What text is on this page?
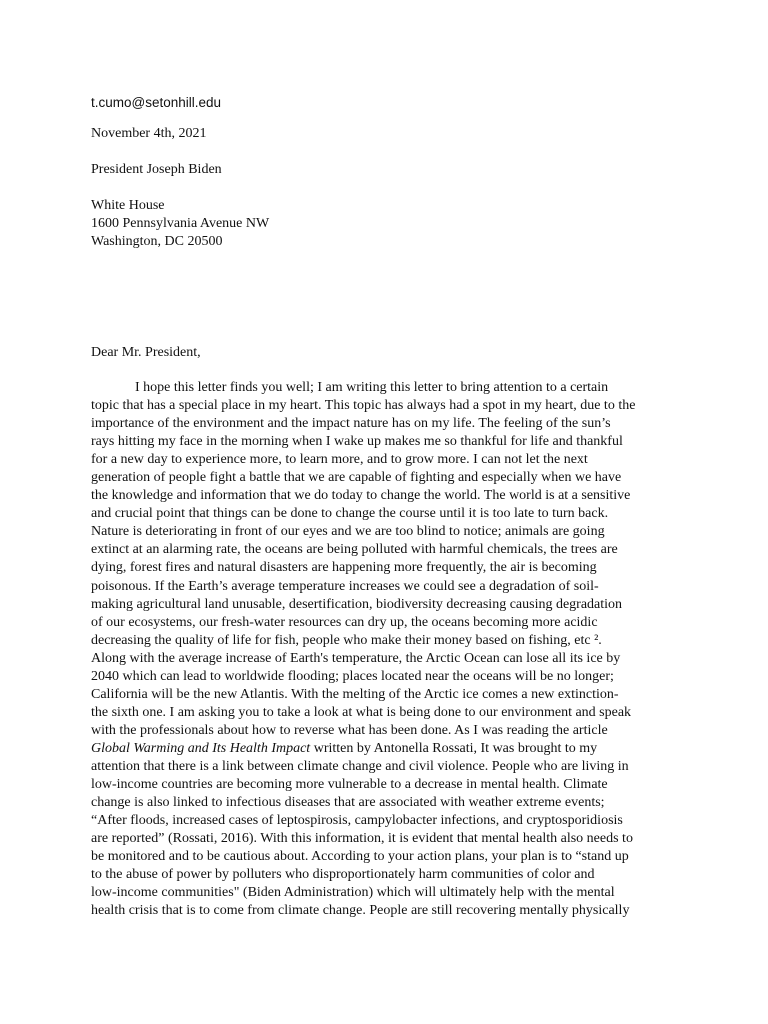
t.cumo@setonhill.edu
November 4th, 2021
President Joseph Biden
White House
1600 Pennsylvania Avenue NW
Washington, DC 20500
Dear Mr. President,
I hope this letter finds you well; I am writing this letter to bring attention to a certain
topic that has a special place in my heart. This topic has always had a spot in my heart, due to the
importance of the environment and the impact nature has on my life. The feeling of the sun’s
rays hitting my face in the morning when I wake up makes me so thankful for life and thankful
for a new day to experience more, to learn more, and to grow more. I can not let the next
generation of people fight a battle that we are capable of fighting and especially when we have
the knowledge and information that we do today to change the world. The world is at a sensitive
and crucial point that things can be done to change the course until it is too late to turn back.
Nature is deteriorating in front of our eyes and we are too blind to notice; animals are going
extinct at an alarming rate, the oceans are being polluted with harmful chemicals, the trees are
dying, forest fires and natural disasters are happening more frequently, the air is becoming
poisonous. If the Earth’s average temperature increases we could see a degradation of soil-
making agricultural land unusable, desertification, biodiversity decreasing causing degradation
of our ecosystems, our fresh-water resources can dry up, the oceans becoming more acidic
decreasing the quality of life for fish, people who make their money based on fishing, etc ².
Along with the average increase of Earth's temperature, the Arctic Ocean can lose all its ice by
2040 which can lead to worldwide flooding; places located near the oceans will be no longer;
California will be the new Atlantis. With the melting of the Arctic ice comes a new extinction-
the sixth one. I am asking you to take a look at what is being done to our environment and speak
with the professionals about how to reverse what has been done. As I was reading the article
Global Warming and Its Health Impact written by Antonella Rossati, It was brought to my
attention that there is a link between climate change and civil violence. People who are living in
low-income countries are becoming more vulnerable to a decrease in mental health. Climate
change is also linked to infectious diseases that are associated with weather extreme events;
“After floods, increased cases of leptospirosis, campylobacter infections, and cryptosporidiosis
are reported” (Rossati, 2016). With this information, it is evident that mental health also needs to
be monitored and to be cautious about. According to your action plans, your plan is to “stand up
to the abuse of power by polluters who disproportionately harm communities of color and
low-income communities" (Biden Administration) which will ultimately help with the mental
health crisis that is to come from climate change. People are still recovering mentally physically
